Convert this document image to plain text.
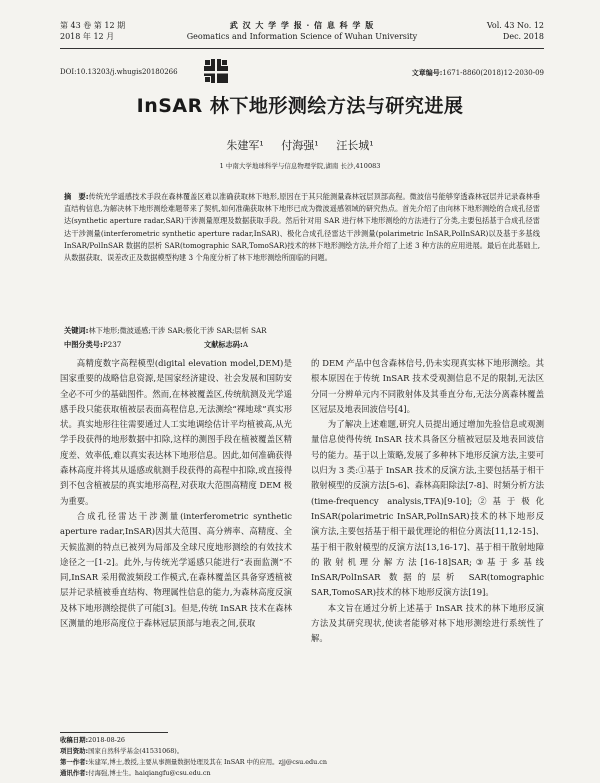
第 43 卷 第 12 期
2018 年 12 月
武 汉 大 学 学 报 · 信 息 科 学 版
Geomatics and Information Science of Wuhan University
Vol. 43 No. 12
Dec. 2018
DOI:10.13203/j.whugis20180266	文章编号:1671-8860(2018)12-2030-09
InSAR 林下地形测绘方法与研究进展
朱建军¹ 付海强¹ 汪长城¹
1 中南大学地球科学与信息物理学院,湖南 长沙,410083
摘　要:传统光学遥感技术手段在森林覆盖区难以准确获取林下地形,原因在于其只能测量森林冠层顶部高程。微波信号能够穿透森林冠层并记录森林垂直结构信息,为解决林下地形测绘难题带来了契机,如何准确获取林下地形已成为微波遥感领域的研究热点。首先介绍了由向林下地形测绘的合成孔径雷达(synthetic aperture radar,SAR)干涉测量原理及数据获取手段。然后针对用 SAR 进行林下地形测绘的方法进行了分类,主要包括基于合成孔径雷达干涉测量(interferometric synthetic aperture radar,InSAR)、极化合成孔径雷达干涉测量(polarimetric InSAR,PolInSAR)以及基于多基线 InSAR/PolInSAR 数据的层析 SAR(tomographic SAR,TomoSAR)技术的林下地形测绘方法,并介绍了上述 3 种方法的应用进展。最后在此基础上,从数据获取、误差改正及数据模型构建 3 个角度分析了林下地形测绘所面临的问题。
关键词:林下地形;微波遥感;干涉 SAR;极化干涉 SAR;层析 SAR
中图分类号:P237	文献标志码:A

高精度数字高程模型(digital elevation model,DEM)是国家重要的战略信息资源,是国家经济建设、社会发展和国防安全必不可少的基础图件。然而,在林被覆盖区,传统航测及光学遥感手段只能获取植被层表面高程信息,无法测绘“裸地球”真实形状。真实地形往往需要通过人工实地调绘估计平均植被高,从光学手段获得的地形数据中扣除,这样的测图手段在植被覆盖区精度差、效率低,难以真实表达林下地形信息。因此,如何准确获得森林高度并将其从遥感或航测手段获得的高程中扣除,或直接得到不包含植被层的真实地形高程,对获取大范围高精度 DEM 极为重要。

合成孔径雷达干涉测量(interferometric synthetic aperture radar,InSAR)因其大范围、高分辨率、高精度、全天候监测的特点已被列为局部及全球尺度地形测绘的有效技术途径之一[1-2]。此外,与传统光学遥感只能进行“表面监测”不同,InSAR 采用微波频段工作模式,在森林覆盖区具备穿透植被层并记录植被垂直结构、物理属性信息的能力,为森林高度反演及林下地形测绘提供了可能[3]。但是,传统 InSAR 技术在森林区测量的地形高度位于森林冠层顶部与地表之间,获取

的 DEM 产品中包含森林信号,仍未实现真实林下地形测绘。其根本原因在于传统 InSAR 技术受观测信息不足的限制,无法区分同一分辨单元内不同散射体及其垂直分布,无法分离森林覆盖区冠层及地表回波信号[4]。

为了解决上述难题,研究人员提出通过增加先验信息或观测量信息使得传统 InSAR 技术具备区分植被冠层及地表回波信号的能力。基于以上策略,发展了多种林下地形反演方法,主要可以归为 3 类:①基于 InSAR 技术的反演方法,主要包括基于相干散射模型的反演方法[5-6]、森林高阳除法[7-8]、时频分析方法(time-frequency analysis,TFA)[9-10];②基于极化 InSAR(polarimetric InSAR,PolInSAR)技术的林下地形反演方法,主要包括基于相干最优理论的相位分离法[11,12-15]、基于相干散射模型的反演方法[13,16-17]、基于相干散射地障的散射机理分解方法[16-18]SAR;③基于多基线 InSAR/PolInSAR 数据的层析 SAR(tomographic SAR,TomoSAR)技术的林下地形反演方法[19]。

本文旨在通过分析上述基于 InSAR 技术的林下地形反演方法及其研究现状,使读者能够对林下地形测绘进行系统性了解。

收稿日期:2018-08-26
项目资助:国家自然科学基金(41531068)。
第一作者:朱建军,博士,教授,主要从事测量数据处理及其在 InSAR 中的应用。zjj@csu.edu.cn
通讯作者:付海强,博士生。haiqiangfu@csu.edu.cn
